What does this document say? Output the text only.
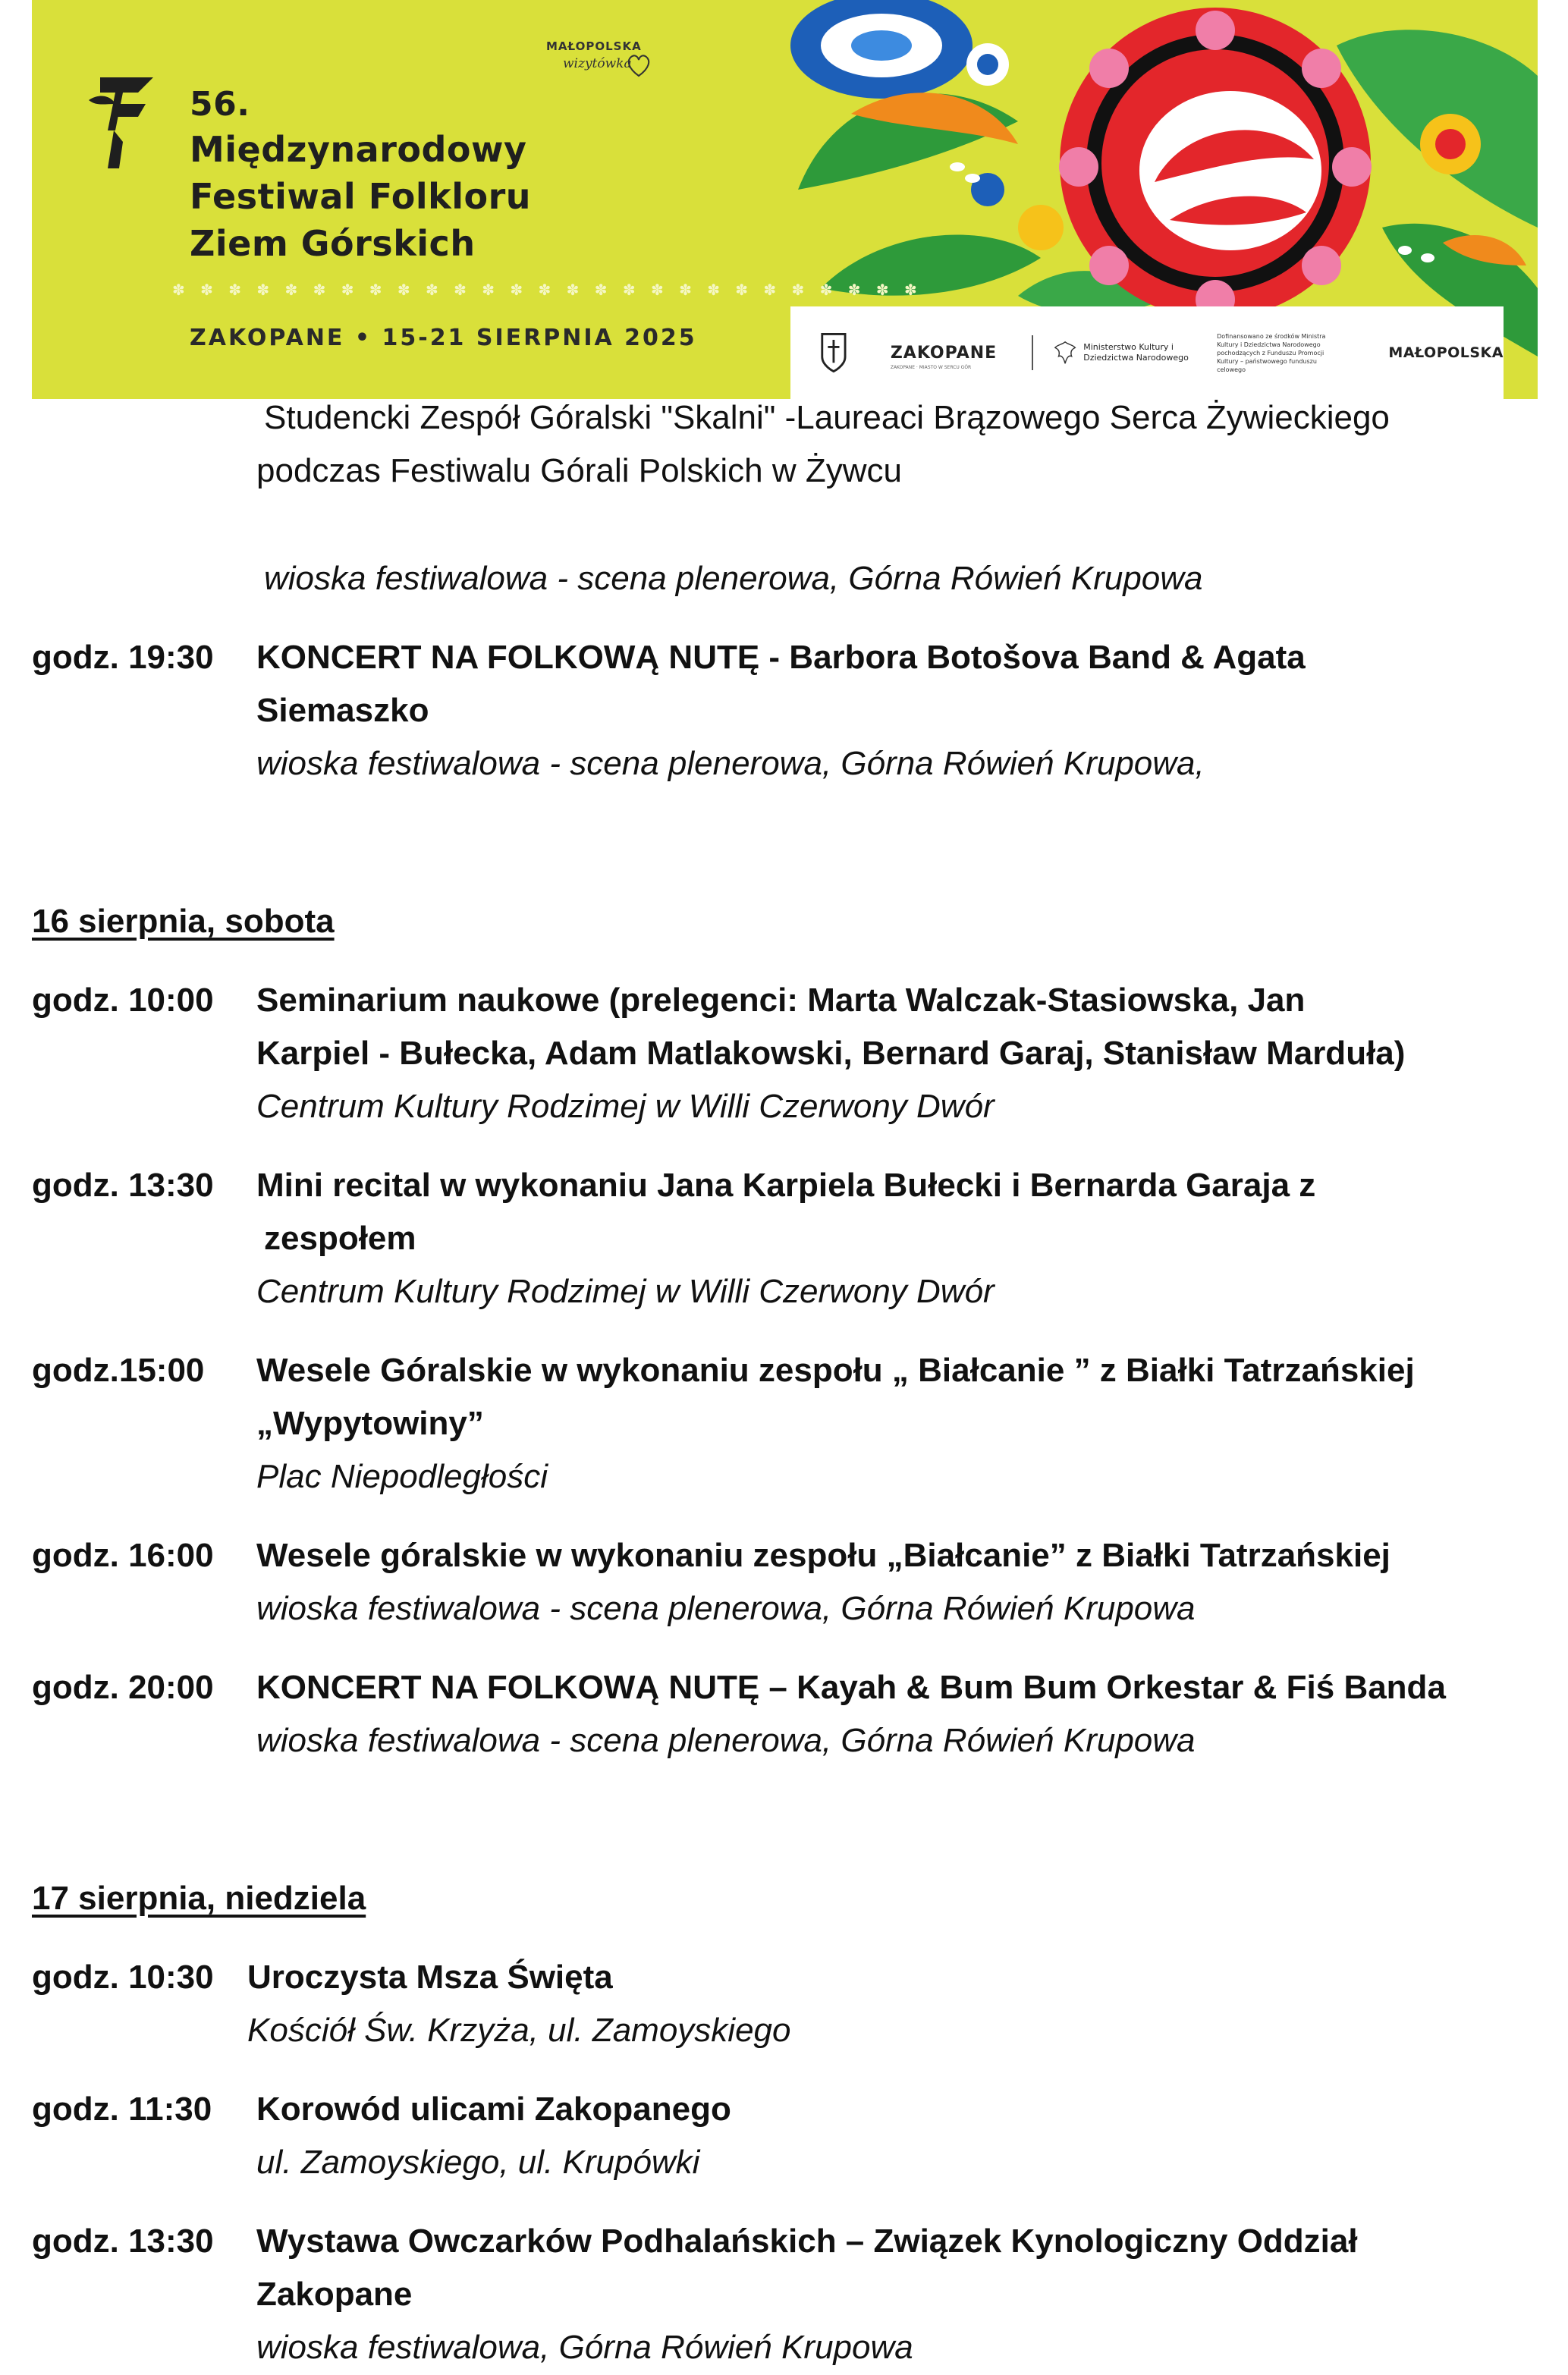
56.

Międzynarodowy

Festiwal Folkloru

Ziem Górskich

✽ ✽ ✽ ✽ ✽ ✽ ✽ ✽ ✽ ✽ ✽ ✽ ✽ ✽ ✽ ✽ ✽ ✽ ✽ ✽ ✽ ✽ ✽ ✽ ✽ ✽ ✽

ZAKOPANE • 15-21 SIERPNIA 2025

MAŁOPOLSKA
wizytówka
ZAKOPANE
ZAKOPANE · MIASTO W SERCU GÓR
Ministerstwo Kultury i Dziedzictwa Narodowego
Dofinansowano ze środków Ministra Kultury i Dziedzictwa Narodowego pochodzących z Funduszu Promocji Kultury – państwowego funduszu celowego
MAŁOPOLSKA

Studencki Zespół Góralski "Skalni" -Laureaci Brązowego Serca Żywieckiego

podczas Festiwalu Górali Polskich w Żywcu

wioska festiwalowa - scena plenerowa, Górna Rówień Krupowa

godz. 19:30 KONCERT NA FOLKOWĄ NUTĘ - Barbora Botošova Band & Agata

Siemaszko

wioska festiwalowa - scena plenerowa, Górna Rówień Krupowa,

16 sierpnia, sobota

godz. 10:00 Seminarium naukowe (prelegenci: Marta Walczak-Stasiowska, Jan

Karpiel - Bułecka, Adam Matlakowski, Bernard Garaj, Stanisław Marduła)

Centrum Kultury Rodzimej w Willi Czerwony Dwór

godz. 13:30 Mini recital w wykonaniu Jana Karpiela Bułecki i Bernarda Garaja z

zespołem

Centrum Kultury Rodzimej w Willi Czerwony Dwór

godz.15:00 Wesele Góralskie w wykonaniu zespołu „ Białcanie ” z Białki Tatrzańskiej

„Wypytowiny”

Plac Niepodległości

godz. 16:00 Wesele góralskie w wykonaniu zespołu „Białcanie” z Białki Tatrzańskiej

wioska festiwalowa - scena plenerowa, Górna Rówień Krupowa

godz. 20:00 KONCERT NA FOLKOWĄ NUTĘ – Kayah & Bum Bum Orkestar & Fiś Banda

wioska festiwalowa - scena plenerowa, Górna Rówień Krupowa

17 sierpnia, niedziela

godz. 10:30 Uroczysta Msza Święta

Kościół Św. Krzyża, ul. Zamoyskiego

godz. 11:30 Korowód ulicami Zakopanego

ul. Zamoyskiego, ul. Krupówki

godz. 13:30 Wystawa Owczarków Podhalańskich – Związek Kynologiczny Oddział

Zakopane

wioska festiwalowa, Górna Rówień Krupowa
